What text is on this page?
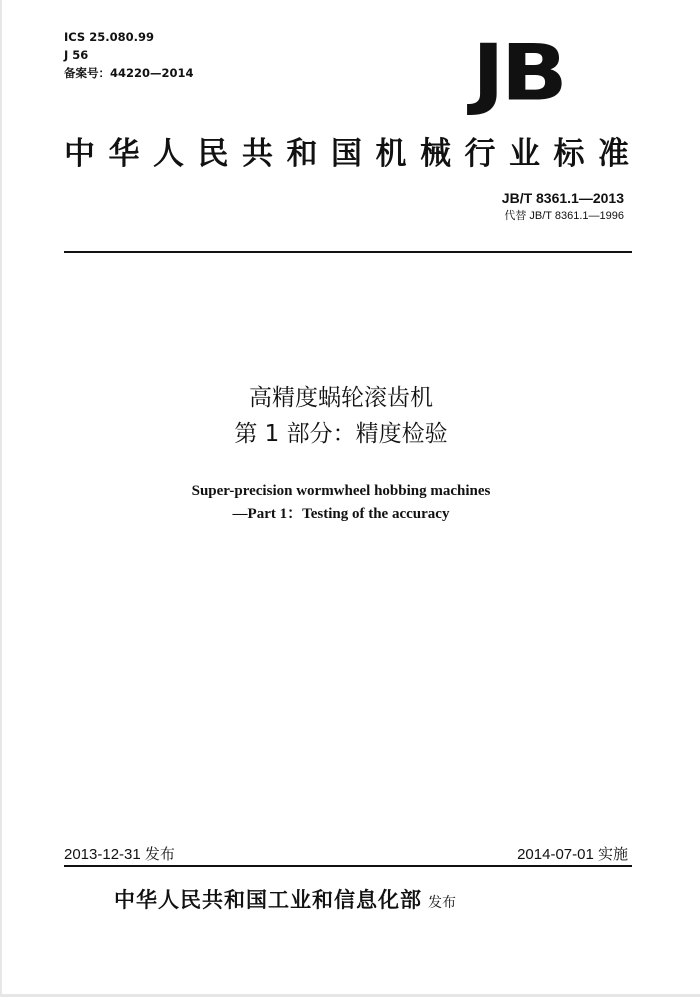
ICS 25.080.99
J 56
备案号：44220—2014	JB
中华人民共和国机械行业标准
JB/T 8361.1—2013
代替 JB/T 8361.1—1996
高精度蜗轮滚齿机
第 1 部分：精度检验
Super-precision wormwheel hobbing machines
—Part 1：Testing of the accuracy
2013-12-31 发布	2014-07-01 实施
中华人民共和国工业和信息化部 发布
